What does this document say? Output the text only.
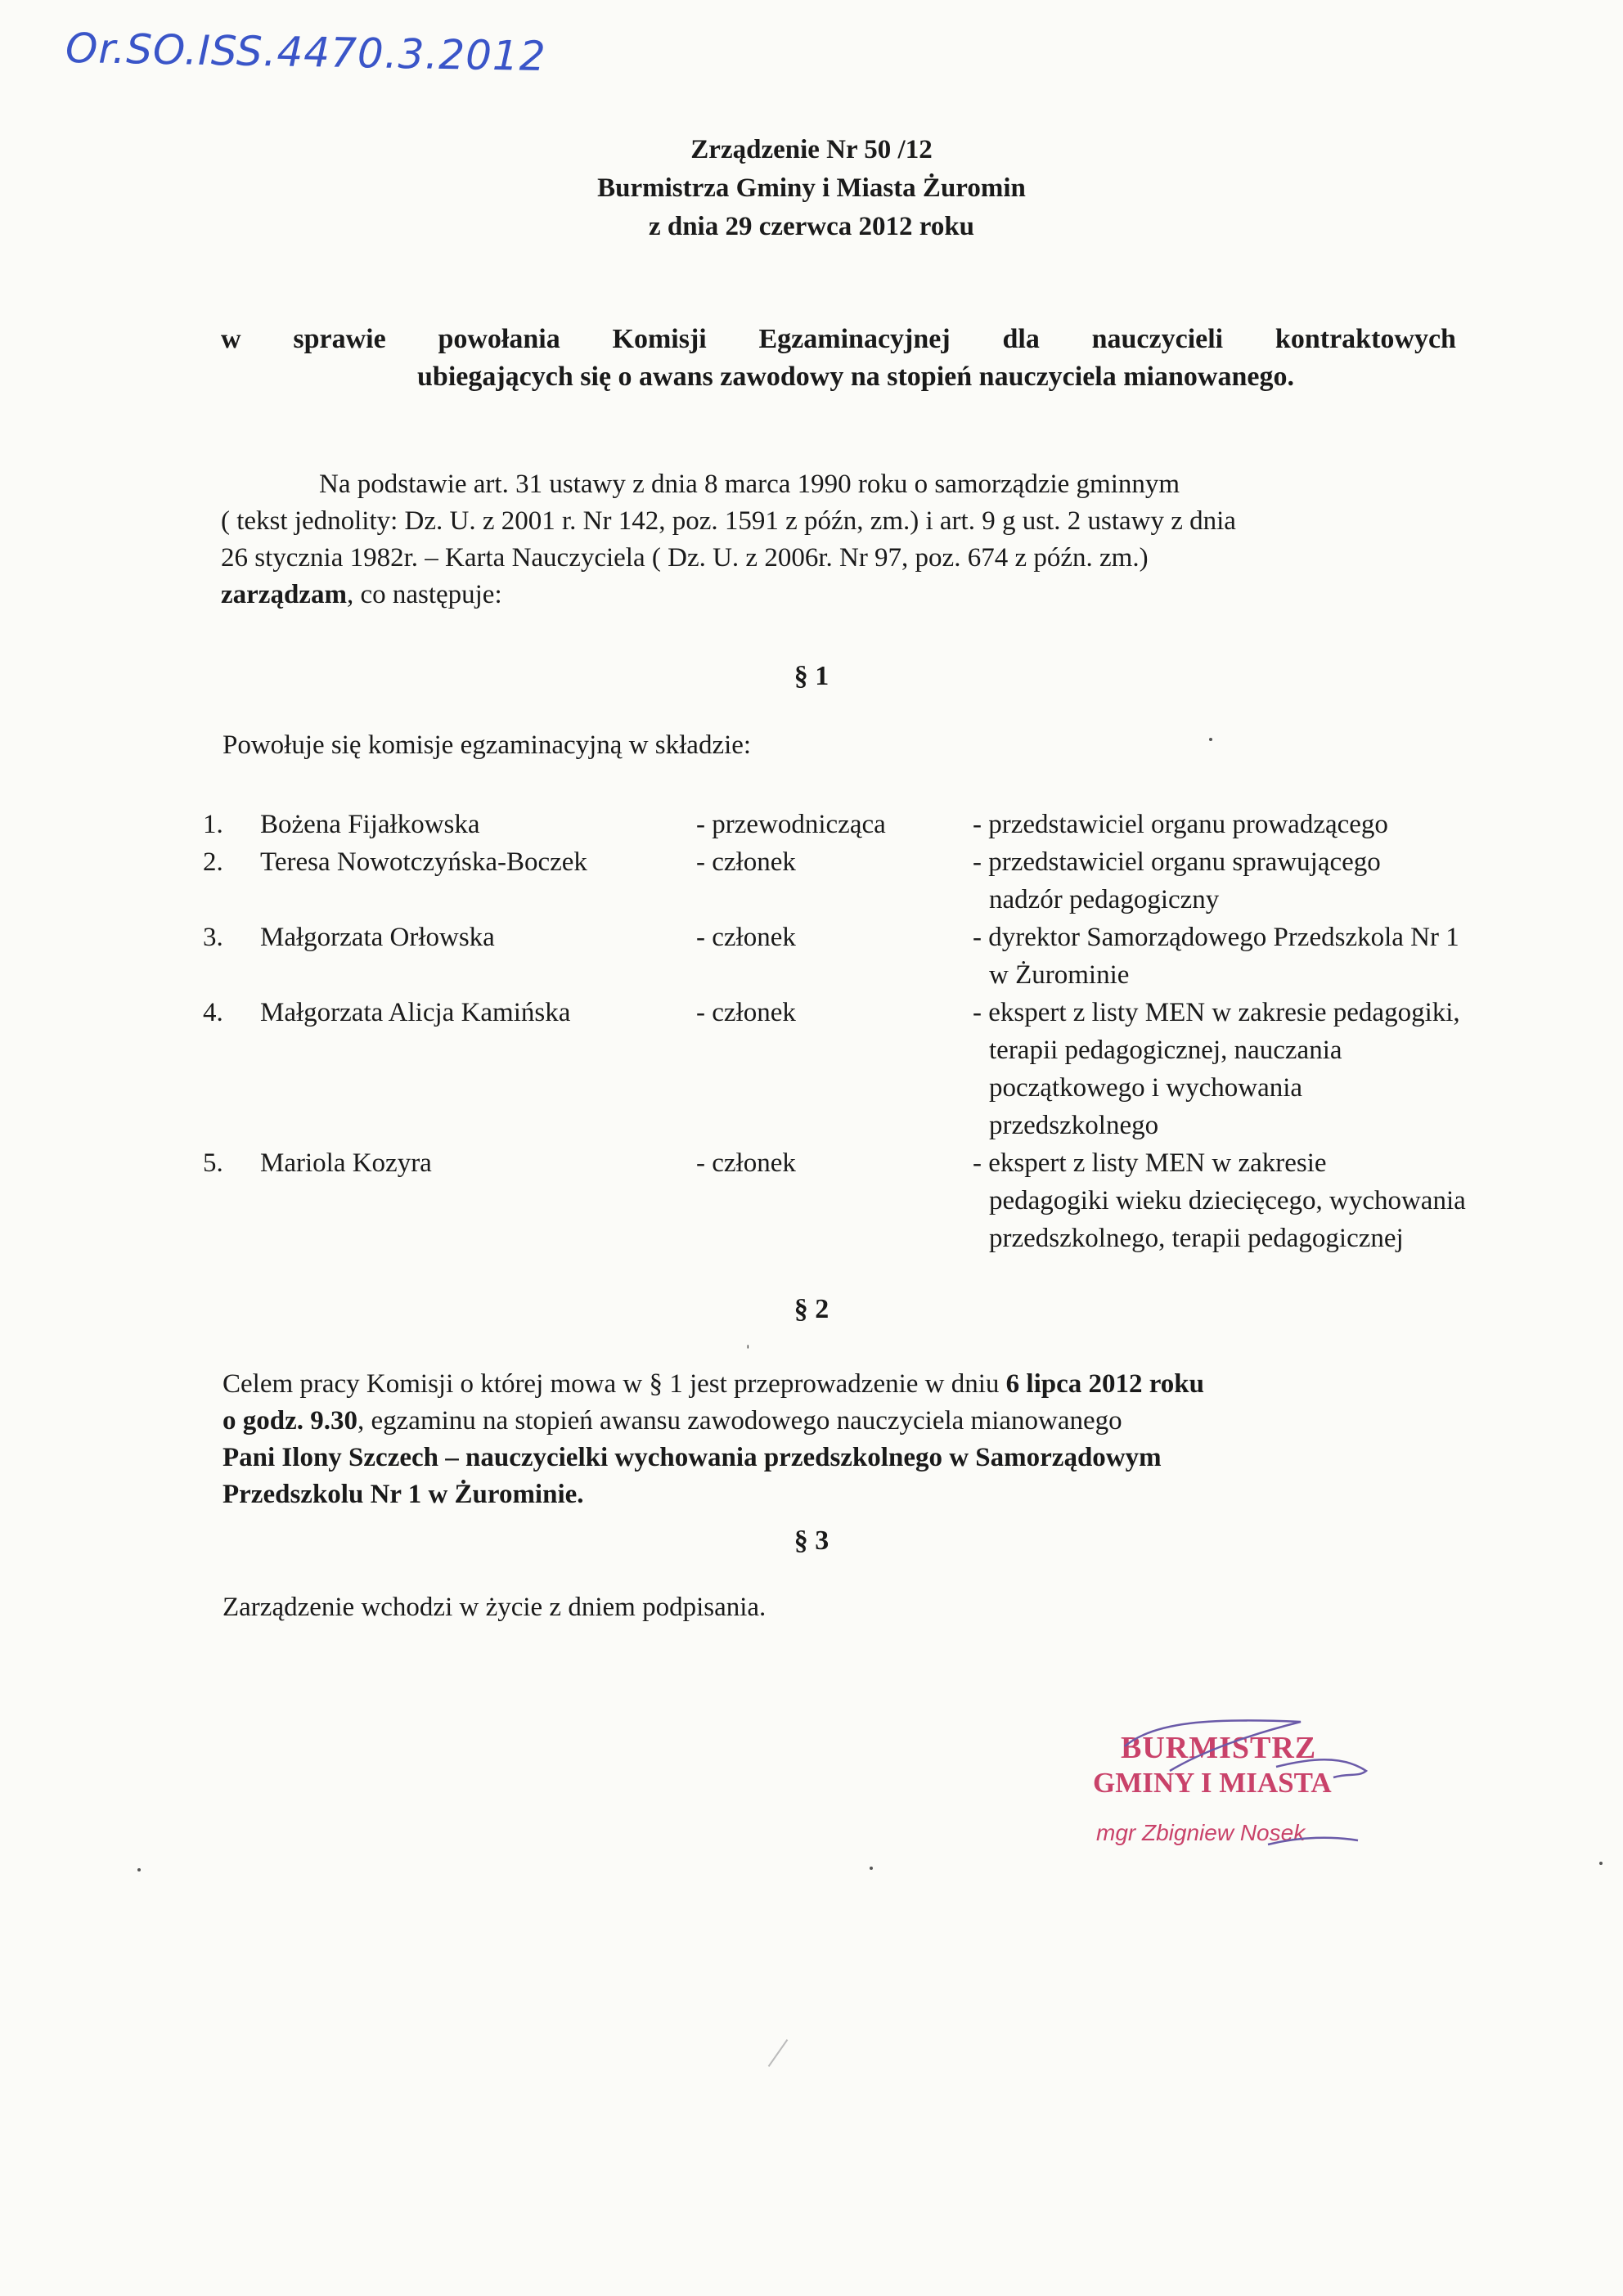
Or.SO.ISS.4470.3.2012
Zrządzenie Nr 50 /12
Burmistrza Gminy i Miasta Żuromin
z dnia 29 czerwca 2012 roku
w sprawie powołania Komisji Egzaminacyjnej dla nauczycieli kontraktowych
ubiegających się o awans zawodowy na stopień nauczyciela mianowanego.
Na podstawie art. 31 ustawy z dnia 8 marca 1990 roku o samorządzie gminnym
( tekst jednolity: Dz. U. z 2001 r. Nr 142, poz. 1591 z późn, zm.) i art. 9 g ust. 2 ustawy z dnia
26 stycznia 1982r. – Karta Nauczyciela ( Dz. U. z 2006r. Nr 97, poz. 674 z późn. zm.)
zarządzam, co następuje:
§ 1
Powołuje się komisje egzaminacyjną w składzie:
1.	Bożena Fijałkowska	- przewodnicząca	- przedstawiciel organu prowadzącego
2.	Teresa Nowotczyńska-Boczek	- członek	- przedstawiciel organu sprawującego
nadzór pedagogiczny
3.	Małgorzata Orłowska	- członek	- dyrektor Samorządowego Przedszkola Nr 1
w Żurominie
4.	Małgorzata Alicja Kamińska	- członek	- ekspert z listy MEN w zakresie pedagogiki,
terapii pedagogicznej, nauczania
początkowego i wychowania
przedszkolnego
5.	Mariola Kozyra	- członek	- ekspert z listy MEN w zakresie
pedagogiki wieku dziecięcego, wychowania
przedszkolnego, terapii pedagogicznej
§ 2
ˌ
Celem pracy Komisji o której mowa w § 1 jest przeprowadzenie w dniu 6 lipca 2012 roku
o godz. 9.30, egzaminu na stopień awansu zawodowego nauczyciela mianowanego
Pani Ilony Szczech – nauczycielki wychowania przedszkolnego w Samorządowym
Przedszkolu Nr 1 w Żurominie.
§ 3
Zarządzenie wchodzi w życie z dniem podpisania.
BURMISTRZ
GMINY I MIASTA
mgr Zbigniew Nosek
